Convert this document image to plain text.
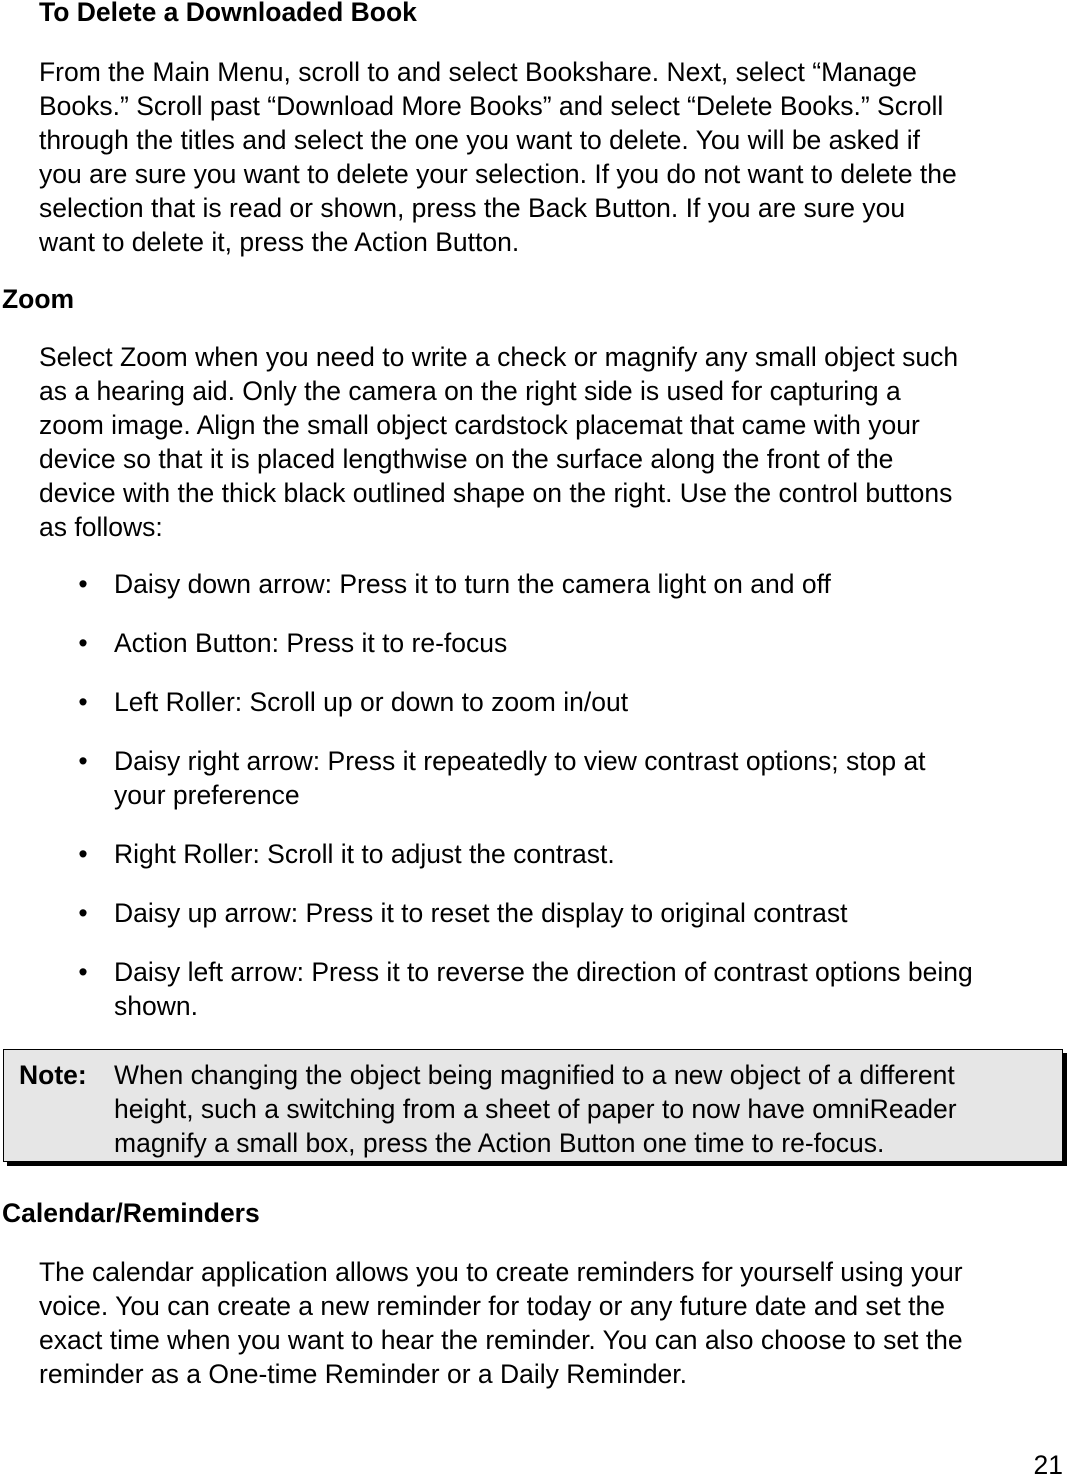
To Delete a Downloaded Book
From the Main Menu, scroll to and select Bookshare. Next, select “Manage
Books.” Scroll past “Download More Books” and select “Delete Books.” Scroll
through the titles and select the one you want to delete. You will be asked if
you are sure you want to delete your selection. If you do not want to delete the
selection that is read or shown, press the Back Button. If you are sure you
want to delete it, press the Action Button.
Zoom
Select Zoom when you need to write a check or magnify any small object such
as a hearing aid. Only the camera on the right side is used for capturing a
zoom image. Align the small object cardstock placemat that came with your
device so that it is placed lengthwise on the surface along the front of the
device with the thick black outlined shape on the right. Use the control buttons
as follows:
• Daisy down arrow: Press it to turn the camera light on and off
• Action Button: Press it to re-focus
• Left Roller: Scroll up or down to zoom in/out
• Daisy right arrow: Press it repeatedly to view contrast options; stop at
your preference
• Right Roller: Scroll it to adjust the contrast.
• Daisy up arrow: Press it to reset the display to original contrast
• Daisy left arrow: Press it to reverse the direction of contrast options being
shown.
Note: When changing the object being magnified to a new object of a different
height, such a switching from a sheet of paper to now have omniReader
magnify a small box, press the Action Button one time to re-focus.
Calendar/Reminders
The calendar application allows you to create reminders for yourself using your
voice. You can create a new reminder for today or any future date and set the
exact time when you want to hear the reminder. You can also choose to set the
reminder as a One-time Reminder or a Daily Reminder.
21
